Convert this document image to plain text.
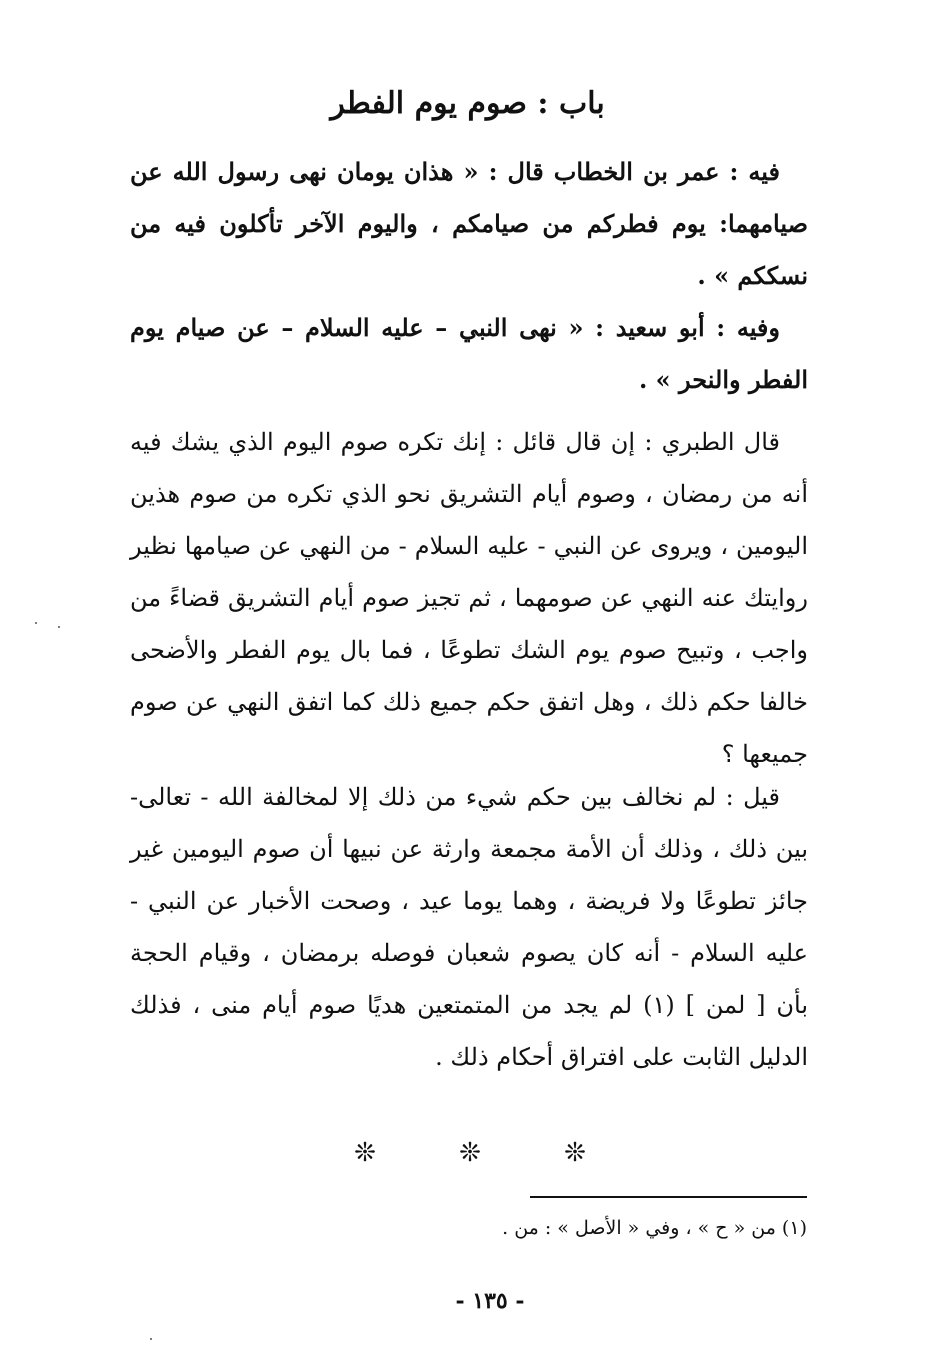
باب : صوم يوم الفطر

فيه : عمر بن الخطاب قال : « هذان يومان نهى رسول الله عن صيامهما: يوم فطركم من صيامكم ، واليوم الآخر تأكلون فيه من نسككم » .

وفيه : أبو سعيد : « نهى النبي – عليه السلام – عن صيام يوم الفطر والنحر » .

قال الطبري : إن قال قائل : إنك تكره صوم اليوم الذي يشك فيه أنه من رمضان ، وصوم أيام التشريق نحو الذي تكره من صوم هذين اليومين ، ويروى عن النبي - عليه السلام - من النهي عن صيامها نظير روايتك عنه النهي عن صومهما ، ثم تجيز صوم أيام التشريق قضاءً من واجب ، وتبيح صوم يوم الشك تطوعًا ، فما بال يوم الفطر والأضحى خالفا حكم ذلك ، وهل اتفق حكم جميع ذلك كما اتفق النهي عن صوم جميعها ؟

قيل : لم نخالف بين حكم شيء من ذلك إلا لمخالفة الله - تعالى- بين ذلك ، وذلك أن الأمة مجمعة وارثة عن نبيها أن صوم اليومين غير جائز تطوعًا ولا فريضة ، وهما يوما عيد ، وصحت الأخبار عن النبي - عليه السلام - أنه كان يصوم شعبان فوصله برمضان ، وقيام الحجة بأن [ لمن ] (١) لم يجد من المتمتعين هديًا صوم أيام منى ، فذلك الدليل الثابت على افتراق أحكام ذلك .

❊	❊	❊
(١) من « ح » ، وفي « الأصل » : من .
- ١٣٥ -
